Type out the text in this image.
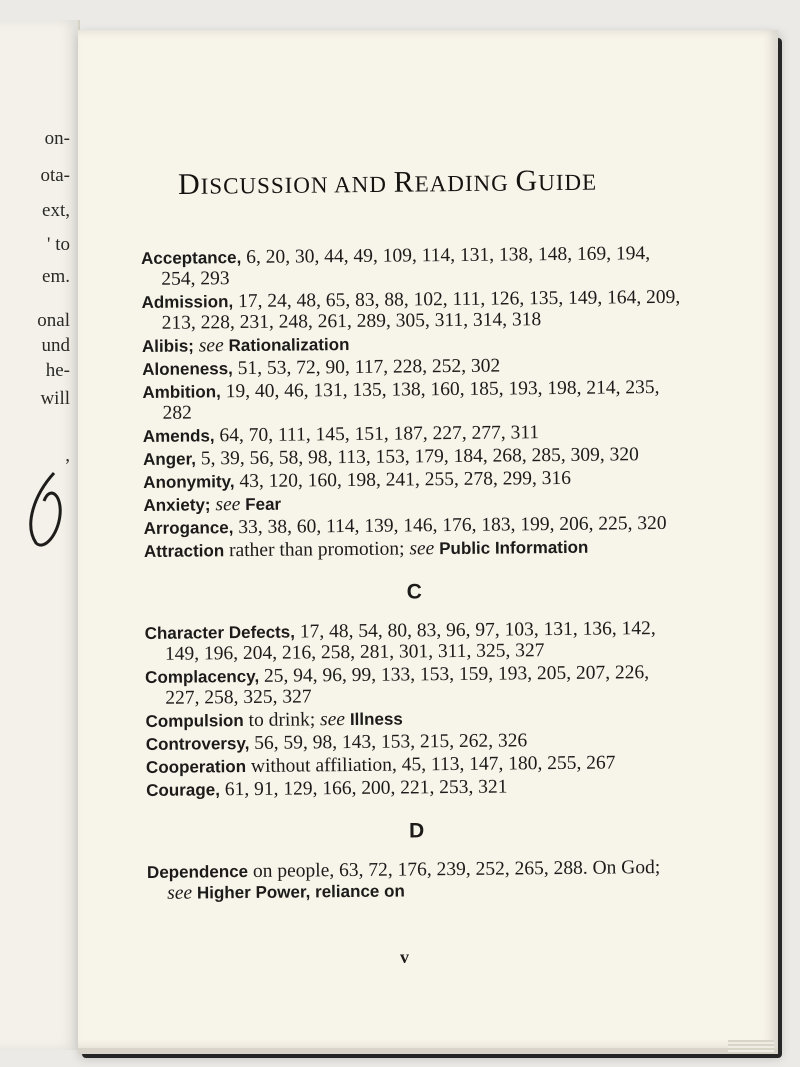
on-
ota-
ext,
' to
em.
onal
und
he-
will
,
DISCUSSION AND READING GUIDE

Acceptance, 6, 20, 30, 44, 49, 109, 114, 131, 138, 148, 169, 194, 254, 293

Admission, 17, 24, 48, 65, 83, 88, 102, 111, 126, 135, 149, 164, 209, 213, 228, 231, 248, 261, 289, 305, 311, 314, 318

Alibis; see Rationalization

Aloneness, 51, 53, 72, 90, 117, 228, 252, 302

Ambition, 19, 40, 46, 131, 135, 138, 160, 185, 193, 198, 214, 235, 282

Amends, 64, 70, 111, 145, 151, 187, 227, 277, 311

Anger, 5, 39, 56, 58, 98, 113, 153, 179, 184, 268, 285, 309, 320

Anonymity, 43, 120, 160, 198, 241, 255, 278, 299, 316

Anxiety; see Fear

Arrogance, 33, 38, 60, 114, 139, 146, 176, 183, 199, 206, 225, 320

Attraction rather than promotion; see Public Information

C

Character Defects, 17, 48, 54, 80, 83, 96, 97, 103, 131, 136, 142, 149, 196, 204, 216, 258, 281, 301, 311, 325, 327

Complacency, 25, 94, 96, 99, 133, 153, 159, 193, 205, 207, 226, 227, 258, 325, 327

Compulsion to drink; see Illness

Controversy, 56, 59, 98, 143, 153, 215, 262, 326

Cooperation without affiliation, 45, 113, 147, 180, 255, 267

Courage, 61, 91, 129, 166, 200, 221, 253, 321

D

Dependence on people, 63, 72, 176, 239, 252, 265, 288. On God; see Higher Power, reliance on

v
